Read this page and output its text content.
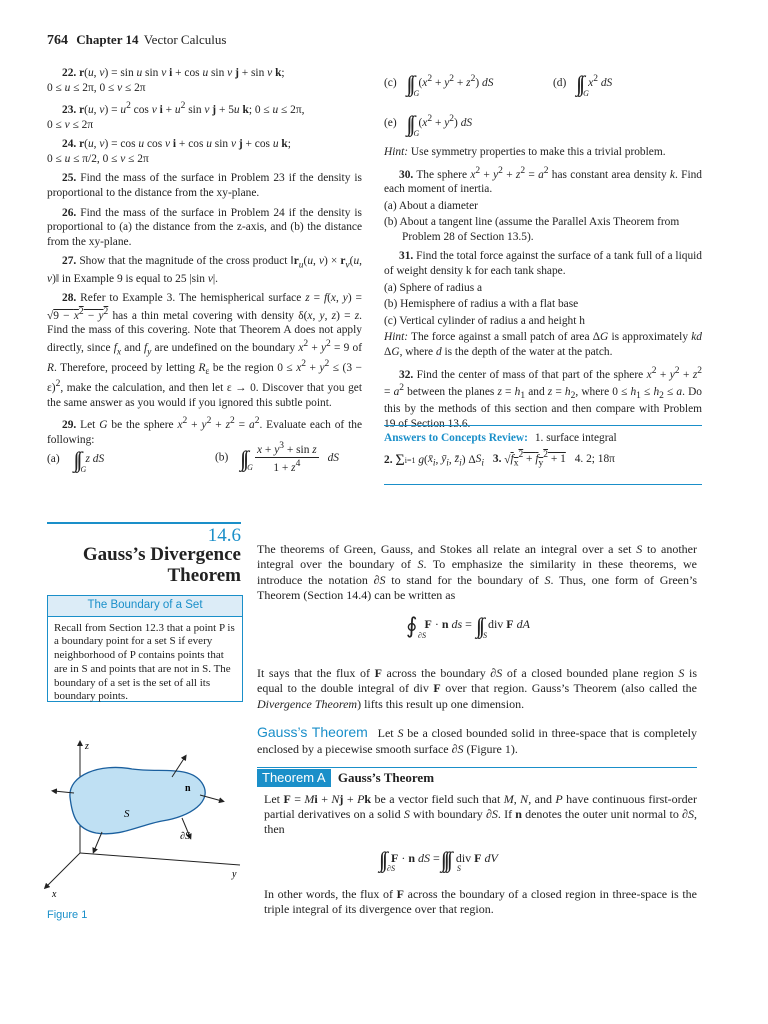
764 Chapter 14 Vector Calculus

22. r(u, v) = sin u sin v i + cos u sin v j + sin v k;
0 ≤ u ≤ 2π, 0 ≤ v ≤ 2π

23. r(u, $v) = u^2$ cos v $i + u^2$ sin v j + 5u k; 0 ≤ u ≤ 2π,
0 ≤ v ≤ 2π

24. r(u, v) = cos u cos v i + cos u sin v j + cos u k;
0 ≤ u ≤ π/2, 0 ≤ v ≤ 2π

25. Find the mass of the surface in Problem 23 if the density is proportional to the distance from the xy-plane.

26. Find the mass of the surface in Problem 24 if the density is proportional to (a) the distance from the z-axis, and (b) the distance from the xy-plane.

27. Show that the magnitude of the cross product $‖r_u(u$, $v) \times r_v(u$, v)‖ in Example 9 is equal to 25 |sin v|.

28. Refer to Example 3. The hemispherical surface z = f(x, $y) = √9 - x^2 - y^2$ has a thin metal covering with density δ(x, y, z) = z. Find the mass of this covering. Note that Theorem A does not apply directly, since $f_x$ and $f_y$ are undefined on the boundary $x^2 + y^2 = 9$ of R. Therefore, proceed by letting $R_\varepsilon$ be the region $0 \le x^2 + y^2 \le (3 - \varepsilon)^2$, make the calculation, and then let ε → 0. Discover that you get the same answer as you would if you ignored this subtle point.

29. Let G be the sphere $x^2 + y^2 + z^2 = a^2$. Evaluate each of the following:

(a)
G
z dS	(b)
G $\frac{x + y^3 + \sin z}{1 + z^4}$ dS
(c)
G
$(x^2 + y^2 + z^2)$ dS	(d)
G
$x^2$ dS
(e)
G
$(x^2 + y^2)$ dS

Hint: Use symmetry properties to make this a trivial problem.

30. The sphere $x^2 + y^2 + z^2 = a^2$ has constant area density k. Find each moment of inertia.

(a) About a diameter

(b) About a tangent line (assume the Parallel Axis Theorem from Problem 28 of Section 13.5).

31. Find the total force against the surface of a tank full of a liquid of weight density k for each tank shape.

(a) Sphere of radius a

(b) Hemisphere of radius a with a flat base

(c) Vertical cylinder of radius a and height h

Hint: The force against a small patch of area ΔG is approximately kd ΔG, where d is the depth of the water at the patch.

32. Find the center of mass of that part of the sphere $x^2 + y^2 + z^2 = a^2$ between the planes $z = h_1$ and $z = h_2$, where $0 \le h_1 \le h_2 \le a$. Do this by the methods of this section and then compare with Problem 19 of Section 13.6.

Answers to Concepts Review: 1. surface integral
2. Σi=1 $g(x̄_i$, $ȳ_i$, $z̄_i$) $\Delta S_i$ 3. $√f_x^2 + f_y^2 + 1$ 4. 2; 18π
14.6
Gauss’s Divergence
Theorem
The Boundary of a Set
Recall from Section 12.3 that a point P is a boundary point for a set S if every neighborhood of P contains points that are in S and points that are not in S. The boundary of a set is the set of all its boundary points.
The theorems of Green, Gauss, and Stokes all relate an integral over a set S to another integral over the boundary of S. To emphasize the similarity in these theorems, we introduce the notation ∂S to stand for the boundary of S. Thus, one form of Green’s Theorem (Section 14.4) can be written as
∮ ∂S
F · n ds =
S
div F dA
It says that the flux of F across the boundary ∂S of a closed bounded plane region S is equal to the double integral of div F over that region. Gauss’s Theorem (also called the Divergence Theorem) lifts this result up one dimension.
Gauss’s Theorem Let S be a closed bounded solid in three-space that is completely enclosed by a piecewise smooth surface ∂S (Figure 1).
Theorem A Gauss’s Theorem
Let F = Mi + Nj + Pk be a vector field such that M, N, and P have continuous first-order partial derivatives on a solid S with boundary ∂S. If n denotes the outer unit normal to ∂S, then
∂S
F · n dS =
S
div F dV
In other words, the flux of F across the boundary of a closed region in three-space is the triple integral of its divergence over that region.
z
y
x
n
S
∂S
Figure 1
